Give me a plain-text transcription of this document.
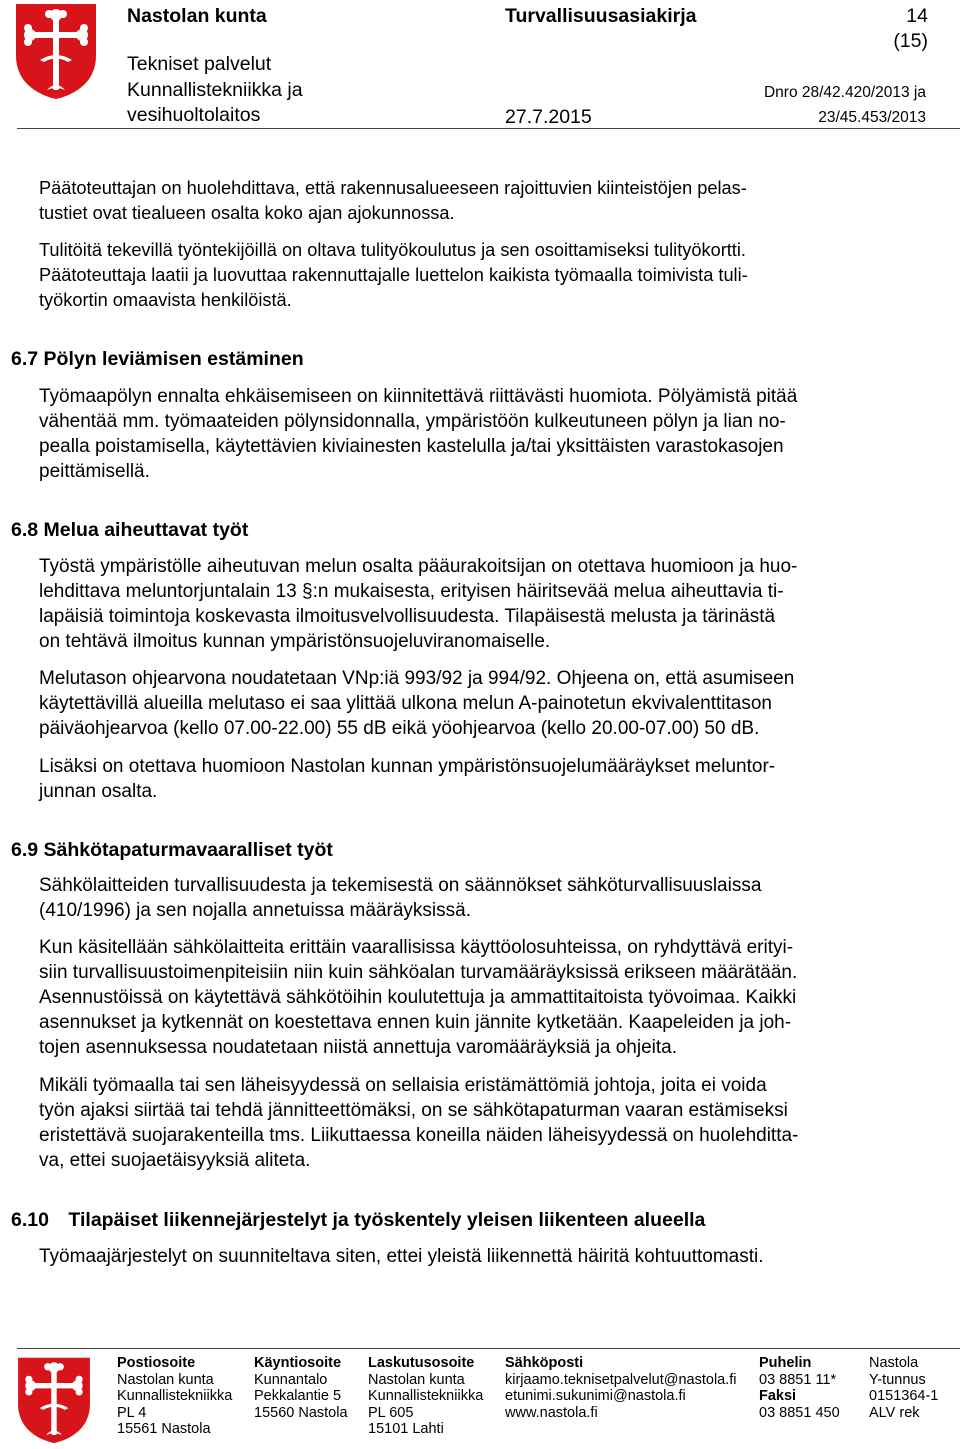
Nastolan kunta
Tekniset palvelut
Kunnallistekniikka ja
vesihuoltolaitos
Turvallisuusasiakirja
27.7.2015
14
(15)
Dnro 28/42.420/2013 ja
23/45.453/2013
Päätoteuttajan on huolehdittava, että rakennusalueeseen rajoittuvien kiinteistöjen pelas-
tustiet ovat tiealueen osalta koko ajan ajokunnossa.
Tulitöitä tekevillä työntekijöillä on oltava tulityökoulutus ja sen osoittamiseksi tulityökortti.
Päätoteuttaja laatii ja luovuttaa rakennuttajalle luettelon kaikista työmaalla toimivista tuli-
työkortin omaavista henkilöistä.
6.7 Pölyn leviämisen estäminen
Työmaapölyn ennalta ehkäisemiseen on kiinnitettävä riittävästi huomiota. Pölyämistä pitää
vähentää mm. työmaateiden pölynsidonnalla, ympäristöön kulkeutuneen pölyn ja lian no-
pealla poistamisella, käytettävien kiviainesten kastelulla ja/tai yksittäisten varastokasojen
peittämisellä.
6.8 Melua aiheuttavat työt
Työstä ympäristölle aiheutuvan melun osalta pääurakoitsijan on otettava huomioon ja huo-
lehdittava meluntorjuntalain 13 §:n mukaisesta, erityisen häiritsevää melua aiheuttavia ti-
lapäisiä toimintoja koskevasta ilmoitusvelvollisuudesta. Tilapäisestä melusta ja tärinästä
on tehtävä ilmoitus kunnan ympäristönsuojeluviranomaiselle.
Melutason ohjearvona noudatetaan VNp:iä 993/92 ja 994/92. Ohjeena on, että asumiseen
käytettävillä alueilla melutaso ei saa ylittää ulkona melun A-painotetun ekvivalenttitason
päiväohjearvoa (kello 07.00-22.00) 55 dB eikä yöohjearvoa (kello 20.00-07.00) 50 dB.
Lisäksi on otettava huomioon Nastolan kunnan ympäristönsuojelumääräykset meluntor-
junnan osalta.
6.9 Sähkötapaturmavaaralliset työt
Sähkölaitteiden turvallisuudesta ja tekemisestä on säännökset sähköturvallisuuslaissa
(410/1996) ja sen nojalla annetuissa määräyksissä.
Kun käsitellään sähkölaitteita erittäin vaarallisissa käyttöolosuhteissa, on ryhdyttävä erityi-
siin turvallisuustoimenpiteisiin niin kuin sähköalan turvamääräyksissä erikseen määrätään.
Asennustöissä on käytettävä sähkötöihin koulutettuja ja ammattitaitoista työvoimaa. Kaikki
asennukset ja kytkennät on koestettava ennen kuin jännite kytketään. Kaapeleiden ja joh-
tojen asennuksessa noudatetaan niistä annettuja varomääräyksiä ja ohjeita.
Mikäli työmaalla tai sen läheisyydessä on sellaisia eristämättömiä johtoja, joita ei voida
työn ajaksi siirtää tai tehdä jännitteettömäksi, on se sähkötapaturman vaaran estämiseksi
eristettävä suojarakenteilla tms. Liikuttaessa koneilla näiden läheisyydessä on huolehditta-
va, ettei suojaetäisyyksiä aliteta.
6.10 Tilapäiset liikennejärjestelyt ja työskentely yleisen liikenteen alueella
Työmaajärjestelyt on suunniteltava siten, ettei yleistä liikennettä häiritä kohtuuttomasti.
Postiosoite
Nastolan kunta
Kunnallistekniikka
PL 4
15561 Nastola
Käyntiosoite
Kunnantalo
Pekkalantie 5
15560 Nastola
Laskutusosoite
Nastolan kunta
Kunnallistekniikka
PL 605
15101 Lahti
Sähköposti
kirjaamo.teknisetpalvelut@nastola.fi
etunimi.sukunimi@nastola.fi
www.nastola.fi
Puhelin
03 8851 11*
Faksi
03 8851 450
Nastola
Y-tunnus
0151364-1
ALV rek
